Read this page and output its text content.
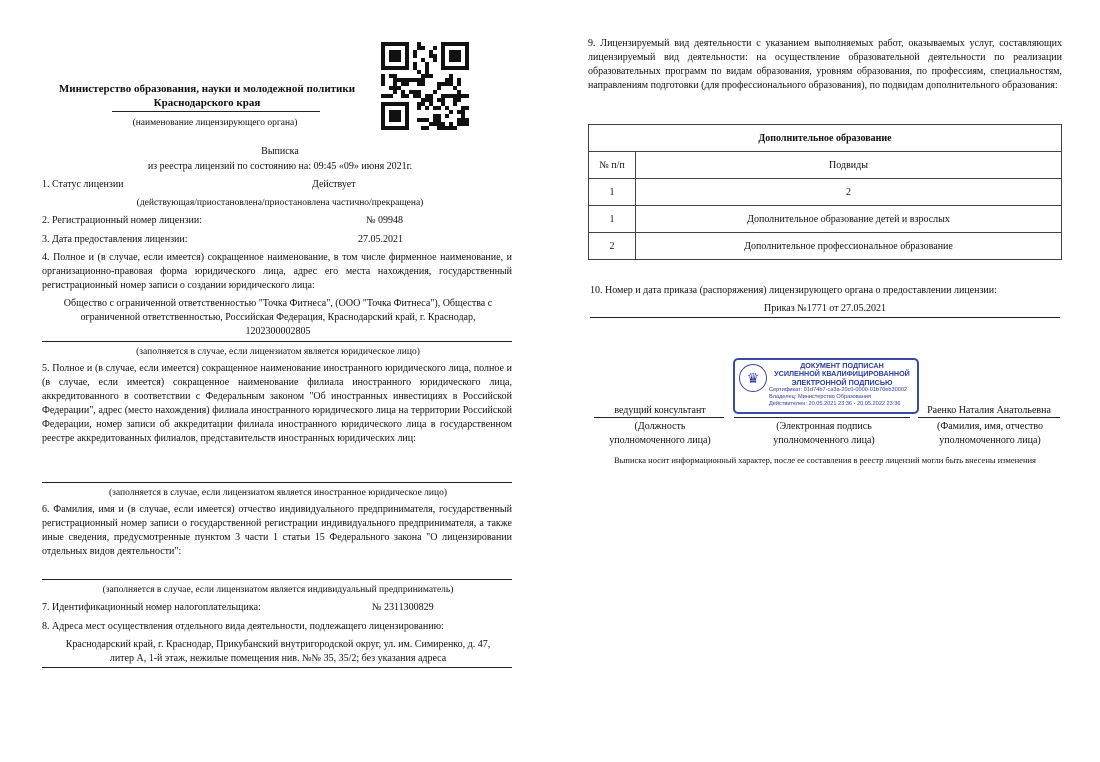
Министерство образования, науки и молодежной политики
Краснодарского края
(наименование лицензирующего органа)
Выписка
из реестра лицензий по состоянию на: 09:45 «09» июня 2021г.
1. Статус лицензии	Действует
(действующая/приостановлена/приостановлена частично/прекращена)
2. Регистрационный номер лицензии:	№ 09948
3. Дата предоставления лицензии:	27.05.2021
4. Полное и (в случае, если имеется) сокращенное наименование, в том числе фирменное наименование, и организационно-правовая форма юридического лица, адрес его места нахождения, государственный регистрационный номер записи о создании юридического лица:
Общество с ограниченной ответственностью "Точка Фитнеса", (ООО "Точка Фитнеса"), Общества с
ограниченной ответственностью, Российская Федерация, Краснодарский край, г. Краснодар,
1202300002805
(заполняется в случае, если лицензиатом является юридическое лицо)
5. Полное и (в случае, если имеется) сокращенное наименование иностранного юридического лица, полное и (в случае, если имеется) сокращенное наименование филиала иностранного юридического лица, аккредитованного в соответствии с Федеральным законом "Об иностранных инвестициях в Российской Федерации", адрес (место нахождения) филиала иностранного юридического лица на территории Российской Федерации, номер записи об аккредитации филиала иностранного юридического лица в государственном реестре аккредитованных филиалов, представительств иностранных юридических лиц:
(заполняется в случае, если лицензиатом является иностранное юридическое лицо)
6. Фамилия, имя и (в случае, если имеется) отчество индивидуального предпринимателя, государственный регистрационный номер записи о государственной регистрации индивидуального предпринимателя, а также иные сведения, предусмотренные пунктом 3 части 1 статьи 15 Федерального закона "О лицензировании отдельных видов деятельности":
(заполняется в случае, если лицензиатом является индивидуальный предприниматель)
7. Идентификационный номер налогоплательщика:	№ 2311300829
8. Адреса мест осуществления отдельного вида деятельности, подлежащего лицензированию:
Краснодарский край, г. Краснодар, Прикубанский внутригородской округ, ул. им. Симиренко, д. 47,
литер А, 1-й этаж, нежилые помещения нив. №№ 35, 35/2; без указания адреса
9. Лицензируемый вид деятельности с указанием выполняемых работ, оказываемых услуг, составляющих лицензируемый вид деятельности: на осуществление образовательной деятельности по реализации образовательных программ по видам образования, уровням образования, по профессиям, специальностям, направлениям подготовки (для профессионального образования), по подвидам дополнительного образования:
Дополнительное образование	
№ п/п	Подвиды
1	2
1	Дополнительное образование детей и взрослых
2	Дополнительное профессиональное образование
10. Номер и дата приказа (распоряжения) лицензирующего органа о предоставлении лицензии:
Приказ №1771 от 27.05.2021
♛
ДОКУМЕНТ ПОДПИСАН
УСИЛЕННОЙ КВАЛИФИЦИРОВАННОЙ
ЭЛЕКТРОННОЙ ПОДПИСЬЮ
Сертификат: 01d74b7-ca3a-20c0-0000-01b70eb30002
Владелец: Министерство Образования
Действителен: 20.05.2021 23:36 - 20.05.2022 23:36
ведущий консультант	Раенко Наталия Анатольевна
(Должность
уполномоченного лица)
(Электронная подпись
уполномоченного лица)
(Фамилия, имя, отчество
уполномоченного лица)
Выписка носит информационный характер, после ее составления в реестр лицензий могли быть внесены изменения
